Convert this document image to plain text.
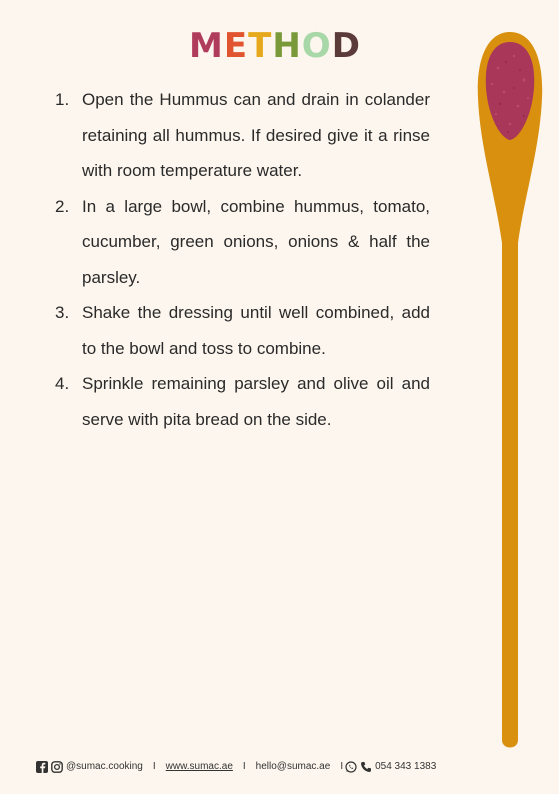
METHOD
1. Open the Hummus can and drain in colander retaining all hummus. If desired give it a rinse with room temperature water.
2. In a large bowl, combine hummus, tomato, cucumber, green onions, onions & half the parsley.
3. Shake the dressing until well combined, add to the bowl and toss to combine.
4. Sprinkle remaining parsley and olive oil and serve with pita bread on the side.
@sumac.cooking I www.sumac.ae I hello@sumac.ae I	054 343 1383
